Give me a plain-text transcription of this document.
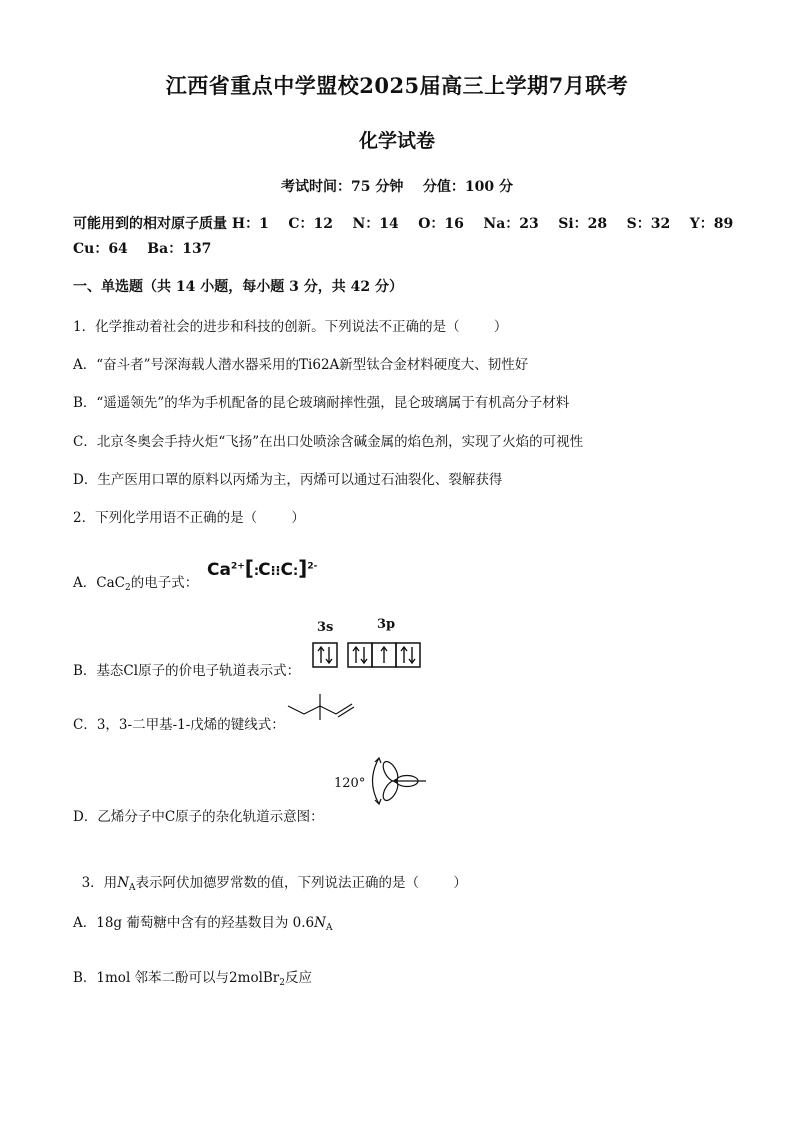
江西省重点中学盟校2025届高三上学期7月联考
化学试卷
考试时间：75 分钟    分值：100 分
可能用到的相对原子质量 H：1    C：12    N：14    O：16    Na：23    Si：28    S：32    Y：89
Cu：64    Ba：137
一、单选题（共 14 小题，每小题 3 分，共 42 分）
1．化学推动着社会的进步和科技的创新。下列说法不正确的是（        ）
A．“奋斗者”号深海载人潜水器采用的Ti62A新型钛合金材料硬度大、韧性好
B．“遥遥领先”的华为手机配备的昆仑玻璃耐摔性强，昆仑玻璃属于有机高分子材料
C．北京冬奥会手持火炬“飞扬”在出口处喷涂含碱金属的焰色剂，实现了火焰的可视性
D．生产医用口罩的原料以丙烯为主，丙烯可以通过石油裂化、裂解获得
2．下列化学用语不正确的是（        ）
A．CaC$_2$的电子式：
$Ca^{2+}[:C⁝⁝C:]^{2-}$
B．基态Cl原子的价电子轨道表示式：
3s	3p
C．3，3-二甲基-1-戊烯的键线式：
D．乙烯分子中C原子的杂化轨道示意图：
120°

3．用$N_A$表示阿伏加德罗常数的值，下列说法正确的是（        ）

A．18g 葡萄糖中含有的羟基数目为 $0.6N_A$
B．1mol 邻苯二酚可以与2molBr$_2$反应
